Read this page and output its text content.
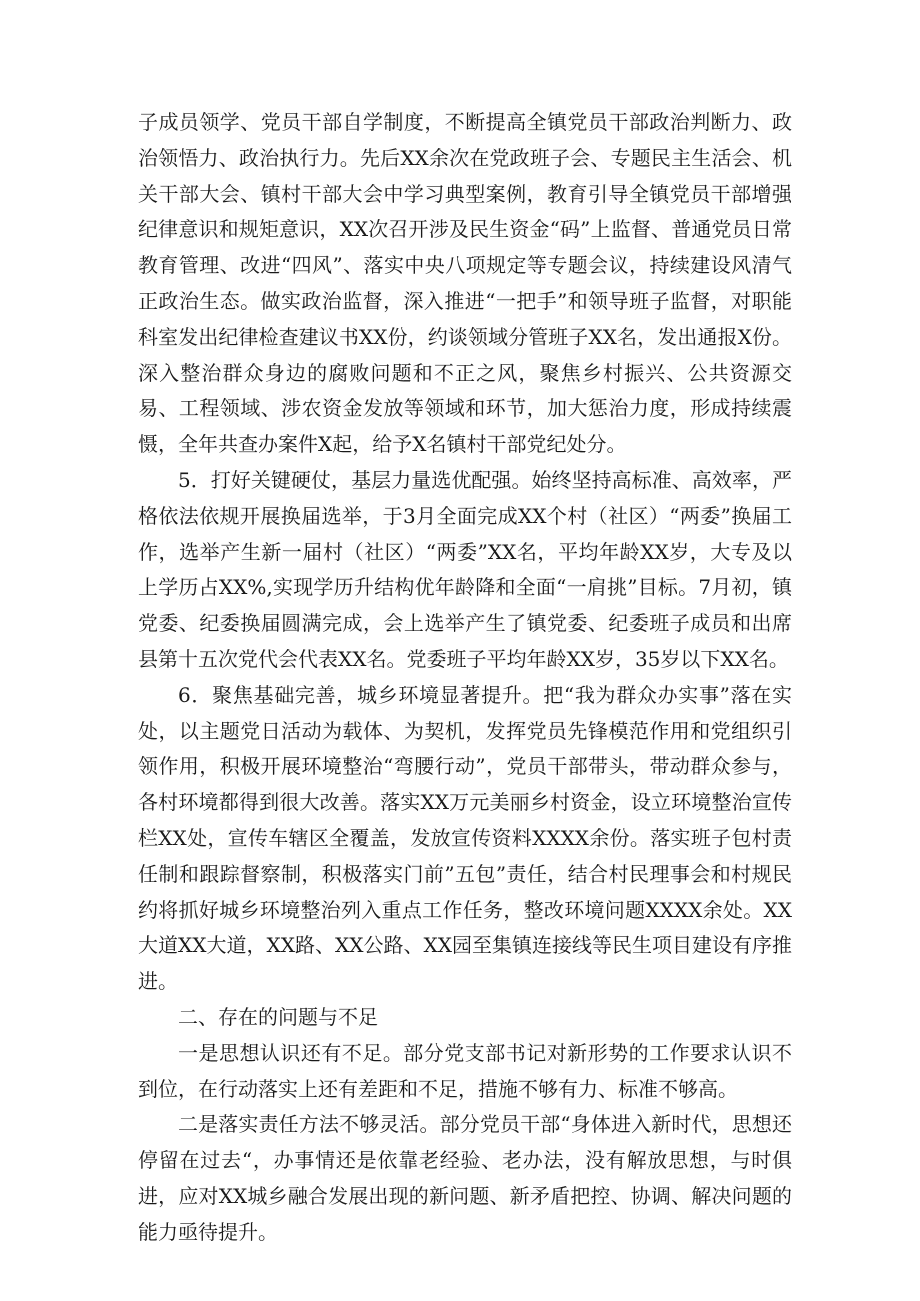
子成员领学、党员干部自学制度，不断提高全镇党员干部政治判断力、政治领悟力、政治执行力。先后XX余次在党政班子会、专题民主生活会、机关干部大会、镇村干部大会中学习典型案例，教育引导全镇党员干部增强纪律意识和规矩意识，XX次召开涉及民生资金“码”上监督、普通党员日常教育管理、改进“四风”、落实中央八项规定等专题会议，持续建设风清气正政治生态。做实政治监督，深入推进“一把手”和领导班子监督，对职能科室发出纪律检查建议书XX份，约谈领域分管班子XX名，发出通报X份。深入整治群众身边的腐败问题和不正之风，聚焦乡村振兴、公共资源交易、工程领域、涉农资金发放等领域和环节，加大惩治力度，形成持续震慑，全年共查办案件X起，给予X名镇村干部党纪处分。

5．打好关键硬仗，基层力量选优配强。始终坚持高标准、高效率，严格依法依规开展换届选举，于3月全面完成XX个村（社区）“两委”换届工作，选举产生新一届村（社区）“两委”XX名，平均年龄XX岁，大专及以上学历占XX%,实现学历升结构优年龄降和全面“一肩挑”目标。7月初，镇党委、纪委换届圆满完成，会上选举产生了镇党委、纪委班子成员和出席县第十五次党代会代表XX名。党委班子平均年龄XX岁，35岁以下XX名。

6．聚焦基础完善，城乡环境显著提升。把“我为群众办实事”落在实处，以主题党日活动为载体、为契机，发挥党员先锋模范作用和党组织引领作用，积极开展环境整治“弯腰行动”，党员干部带头，带动群众参与，各村环境都得到很大改善。落实XX万元美丽乡村资金，设立环境整治宣传栏XX处，宣传车辖区全覆盖，发放宣传资料XXXX余份。落实班子包村责任制和跟踪督察制，积极落实门前”五包”责任，结合村民理事会和村规民约将抓好城乡环境整治列入重点工作任务，整改环境问题XXXX余处。XX大道XX大道，XX路、XX公路、XX园至集镇连接线等民生项目建设有序推进。

二、存在的问题与不足

一是思想认识还有不足。部分党支部书记对新形势的工作要求认识不到位，在行动落实上还有差距和不足，措施不够有力、标准不够高。

二是落实责任方法不够灵活。部分党员干部“身体进入新时代，思想还停留在过去“，办事情还是依靠老经验、老办法，没有解放思想，与时俱进，应对XX城乡融合发展出现的新问题、新矛盾把控、协调、解决问题的能力亟待提升。
